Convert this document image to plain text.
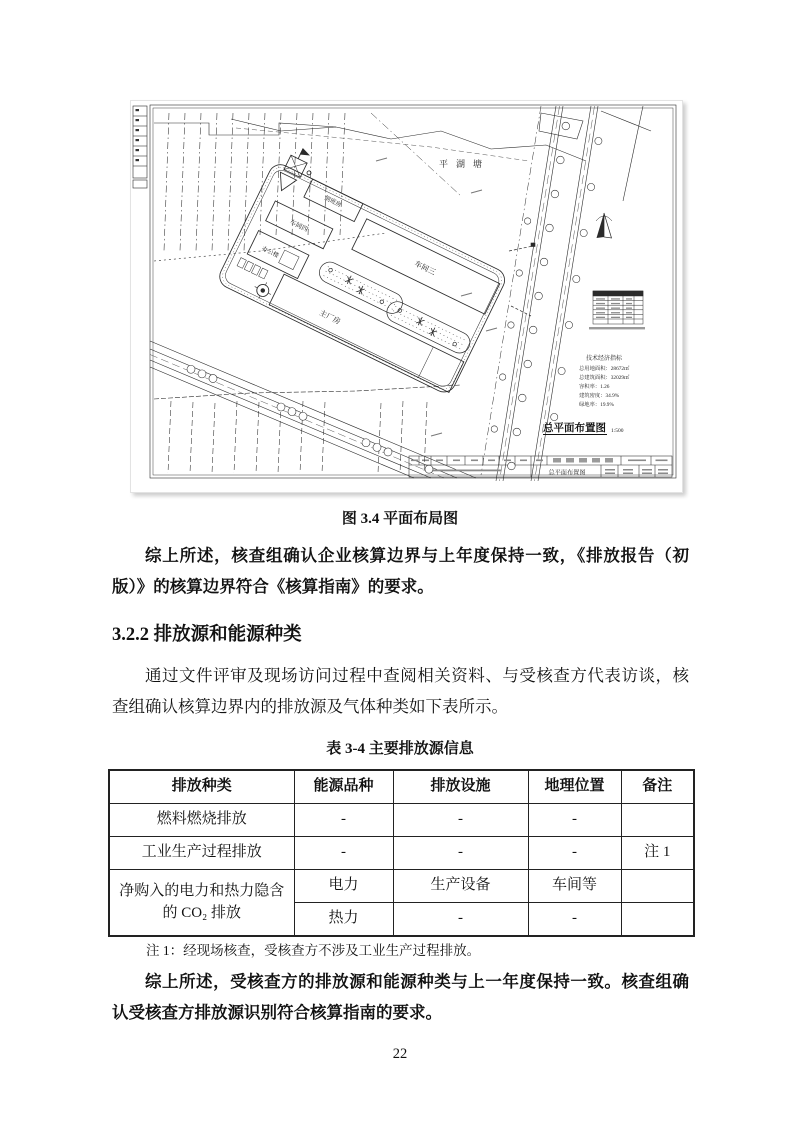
倒班房
车间四
办公楼
车间三
主厂房
平湖塘
技术经济指标
总用地面积：28672㎡
总建筑面积：32029㎡
容积率：1.26
建筑密度：34.9%
绿地率：19.9%
总平面布置图 1:500
总平面布置图
图 3.4 平面布局图

综上所述，核查组确认企业核算边界与上年度保持一致，《排放报告（初版）》的核算边界符合《核算指南》的要求。

3.2.2 排放源和能源种类

通过文件评审及现场访问过程中查阅相关资料、与受核查方代表访谈，核查组确认核算边界内的排放源及气体种类如下表所示。

表 3-4 主要排放源信息
排放种类	能源品种	排放设施	地理位置	备注
燃料燃烧排放	-	-	-	
工业生产过程排放	-	-	-	注 1
净购入的电力和热力隐含的 CO₂ 排放	电力	生产设备	车间等	
	热力	-	-	
注 1：经现场核查，受核查方不涉及工业生产过程排放。

综上所述，受核查方的排放源和能源种类与上一年度保持一致。核查组确认受核查方排放源识别符合核算指南的要求。

22
